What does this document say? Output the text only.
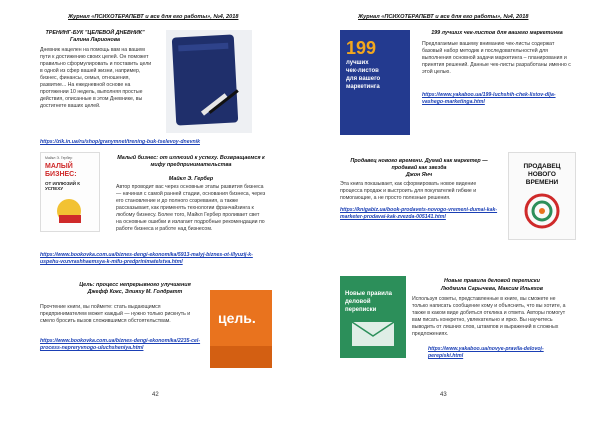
Журнал «ПСИХОТЕРАПЕВТ и все для его работы», №4, 2018
ТРЕНИНГ-БУК "ЦЕЛЕВОЙ ДНЕВНИК"
Галина Ларионова
Дневник нацелен на помощь вам на вашем пути к достижению своих целей. Он поможет правильно сформулировать и поставить цели в одной из сфер вашей жизни, например, бизнес, финансы, семья, отношения, развитие... На ежедневной основе на протяжении 10 недель, выполняя простые действия, описанные в этом Дневнике, вы достигнете ваших целей.
https://zik.in.ua/ru/shop/granymnet/trening-buk-tselevoy-dnevnik
МАЛЫЙ БИЗНЕС:
ОТ ИЛЛЮЗИЙ К УСПЕХУ
Майкл Э. Гербер	Малый бизнес: от иллюзий к успеху. Возвращаемся к мифу предпринимательства
Майкл Э. Гербер
Автор проводит вас через основные этапы развития бизнеса — начиная с самой ранней стадии, основания бизнеса, через его становление и до полного созревания, а также рассказывает, как применять технологии франчайзинга к любому бизнесу. Более того, Майкл Гербер проливает свет на основные ошибки и излагает подробные рекомендации по работе бизнеса и работе над бизнесом.
https://www.bookovka.com.ua/biznes-dengi-ekonomika/5913-malyj-biznes-ot-illyuzij-k-uspehu-vozvrashhaemsya-k-mifu-predprinimatelstva.html
Цель: процесс непрерывного улучшения
Джефф Кокс, Элияху М. Голдратт
Прочтение книги, вы поймете: стать выдающимся предпринимателем может каждый — нужно только рискнуть и смело бросить вызов сложившимся обстоятельствам.	цель.
https://www.bookovka.com.ua/biznes-dengi-ekonomika/2235-cel-process-nepreryvnogo-uluchsheniya.html
42
Журнал «ПСИХОТЕРАПЕВТ и все для его работы», №4, 2018
199
лучших
чек-листов
для вашего
маркетинга
199 лучших чек-листов для вашего маркетинга
Предлагаемые вашему вниманию чек-листы содержат базовый набор методик и последовательностей для выполнения основной задачи маркетинга – планирования и принятия решений. Данные чек-листы разработаны именно с этой целью.
https://www.yakaboo.ua/199-luchshih-chek-listov-dlja-vashego-marketinga.html
Продавец нового времени. Думай как маркетер — продавай как звезда
Джон Янч
Эта книга показывает, как сформировать новое видение процесса продаж и выстроить для покупателей гибкие и помогающие, а не просто полезные решения.
https://knigabiz.ua/book-prodavets-novogo-vremeni-dumai-kak-marketer-prodavai-kak-zvezda-005141.html
ПРОДАВЕЦ НОВОГО ВРЕМЕНИ
Новые правила деловой переписки
Новые правила деловой переписки
Людмила Сарычева, Максим Ильяхов
Используя советы, представленные в книге, вы сможете не только написать сообщение кому и объяснить, что вы хотите, а также в каком виде добиться отклика и ответа. Авторы помогут вам писать конкретно, увлекательно и ярко. Вы научитесь выводить от лишних слов, штампов и выражений в сложных предложениях.
https://www.yakaboo.ua/novye-pravila-delovoj-perepiski.html
43
